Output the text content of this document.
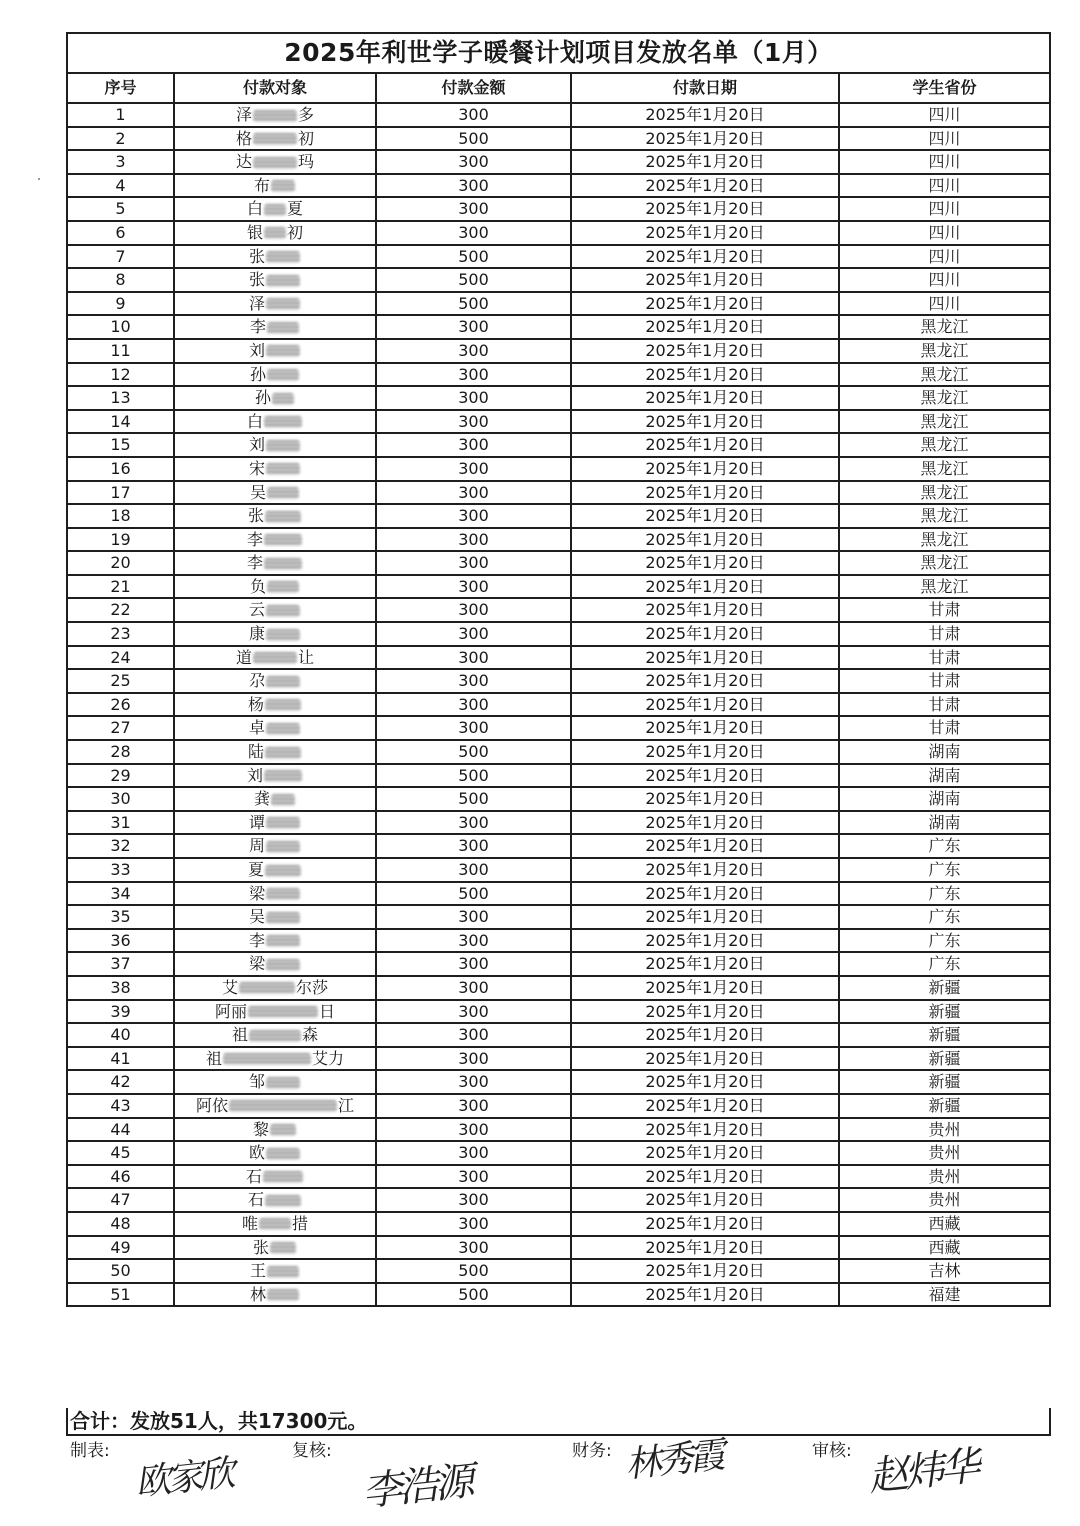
2025年利世学子暖餐计划项目发放名单（1月）				
序号	付款对象	付款金额	付款日期	学生省份
1	泽 多	300	2025年1月20日	四川
2	格 初	500	2025年1月20日	四川
3	达 玛	300	2025年1月20日	四川
4	布	300	2025年1月20日	四川
5	白 夏	300	2025年1月20日	四川
6	银 初	300	2025年1月20日	四川
7	张	500	2025年1月20日	四川
8	张	500	2025年1月20日	四川
9	泽	500	2025年1月20日	四川
10	李	300	2025年1月20日	黑龙江
11	刘	300	2025年1月20日	黑龙江
12	孙	300	2025年1月20日	黑龙江
13	孙	300	2025年1月20日	黑龙江
14	白	300	2025年1月20日	黑龙江
15	刘	300	2025年1月20日	黑龙江
16	宋	300	2025年1月20日	黑龙江
17	吴	300	2025年1月20日	黑龙江
18	张	300	2025年1月20日	黑龙江
19	李	300	2025年1月20日	黑龙江
20	李	300	2025年1月20日	黑龙江
21	负	300	2025年1月20日	黑龙江
22	云	300	2025年1月20日	甘肃
23	康	300	2025年1月20日	甘肃
24	道 让	300	2025年1月20日	甘肃
25	尕	300	2025年1月20日	甘肃
26	杨	300	2025年1月20日	甘肃
27	卓	300	2025年1月20日	甘肃
28	陆	500	2025年1月20日	湖南
29	刘	500	2025年1月20日	湖南
30	龚	500	2025年1月20日	湖南
31	谭	300	2025年1月20日	湖南
32	周	300	2025年1月20日	广东
33	夏	300	2025年1月20日	广东
34	梁	500	2025年1月20日	广东
35	吴	300	2025年1月20日	广东
36	李	300	2025年1月20日	广东
37	梁	300	2025年1月20日	广东
38	艾 尔莎	300	2025年1月20日	新疆
39	阿丽 日	300	2025年1月20日	新疆
40	祖 森	300	2025年1月20日	新疆
41	祖 艾力	300	2025年1月20日	新疆
42	邹	300	2025年1月20日	新疆
43	阿依 江	300	2025年1月20日	新疆
44	黎	300	2025年1月20日	贵州
45	欧	300	2025年1月20日	贵州
46	石	300	2025年1月20日	贵州
47	石	300	2025年1月20日	贵州
48	唯 措	300	2025年1月20日	西藏
49	张	300	2025年1月20日	西藏
50	王	500	2025年1月20日	吉林
51	林	500	2025年1月20日	福建
合计：发放51人，共17300元。
制表:
欧家欣
复核:
李浩源
财务: 林秀霞	审核: 赵炜华
